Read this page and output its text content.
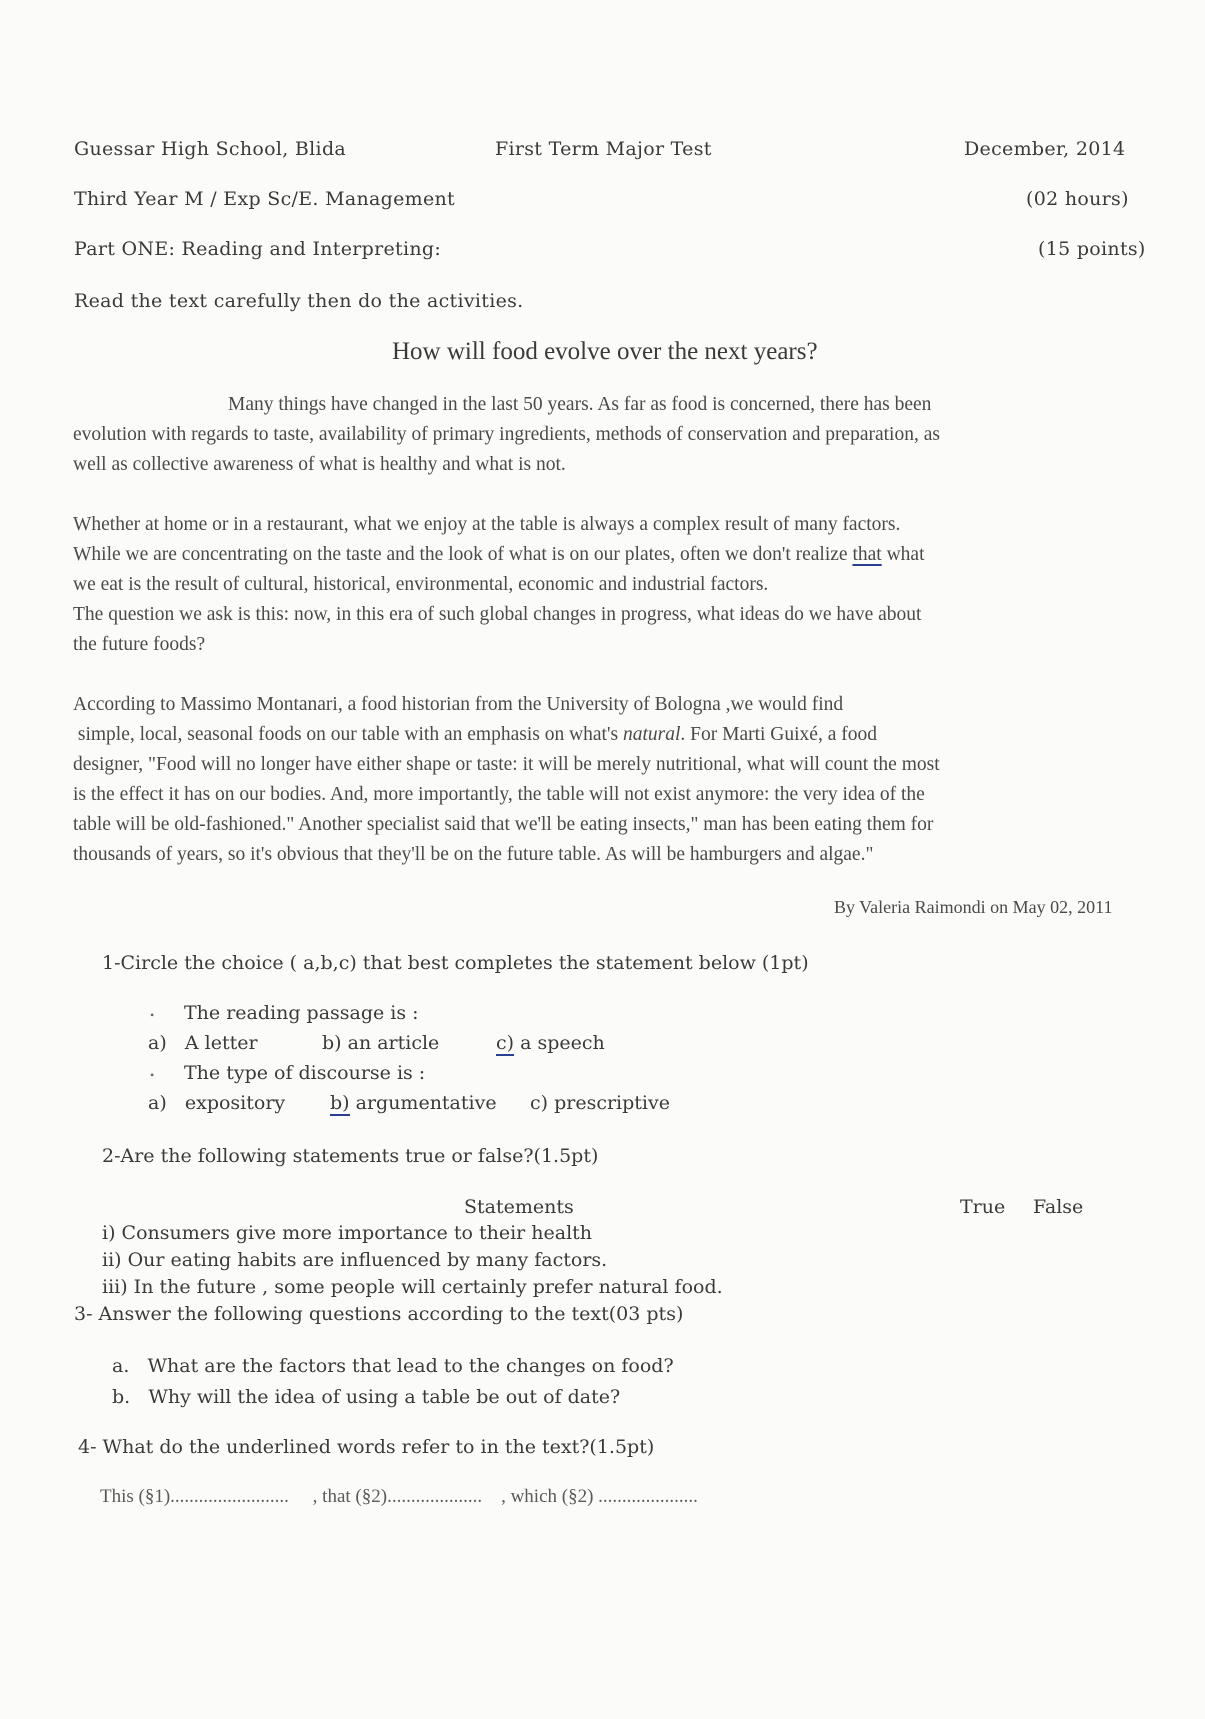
Guessar High School, Blida	First Term Major Test	December, 2014
Third Year M / Exp Sc/E. Management	(02 hours)
Part ONE: Reading and Interpreting:	(15 points)
Read the text carefully then do the activities.
How will food evolve over the next years?

Many things have changed in the last 50 years. As far as food is concerned, there has been

evolution with regards to taste, availability of primary ingredients, methods of conservation and preparation, as

well as collective awareness of what is healthy and what is not.

Whether at home or in a restaurant, what we enjoy at the table is always a complex result of many factors.

While we are concentrating on the taste and the look of what is on our plates, often we don't realize that what

we eat is the result of cultural, historical, environmental, economic and industrial factors.

The question we ask is this: now, in this era of such global changes in progress, what ideas do we have about

the future foods?

According to Massimo Montanari, a food historian from the University of Bologna ,we would find

simple, local, seasonal foods on our table with an emphasis on what's natural. For Marti Guixé, a food

designer, "Food will no longer have either shape or taste: it will be merely nutritional, what will count the most

is the effect it has on our bodies. And, more importantly, the table will not exist anymore: the very idea of the

table will be old-fashioned." Another specialist said that we'll be eating insects," man has been eating them for

thousands of years, so it's obvious that they'll be on the future table. As will be hamburgers and algae."

By Valeria Raimondi on May 02, 2011
1-Circle the choice ( a,b,c) that best completes the statement below (1pt)
• The reading passage is :
a)   A letter	b) an article	c) a speech
• The type of discourse is :
a)   expository b) argumentative c) prescriptive
2-Are the following statements true or false?(1.5pt)
Statements	True False
i) Consumers give more importance to their health
ii) Our eating habits are influenced by many factors.
iii) In the future , some people will certainly prefer natural food.
3- Answer the following questions according to the text(03 pts)
a.   What are the factors that lead to the changes on food?
b.   Why will the idea of using a table be out of date?
4- What do the underlined words refer to in the text?(1.5pt)
This (§1).........................     , that (§2)....................    , which (§2) .....................
